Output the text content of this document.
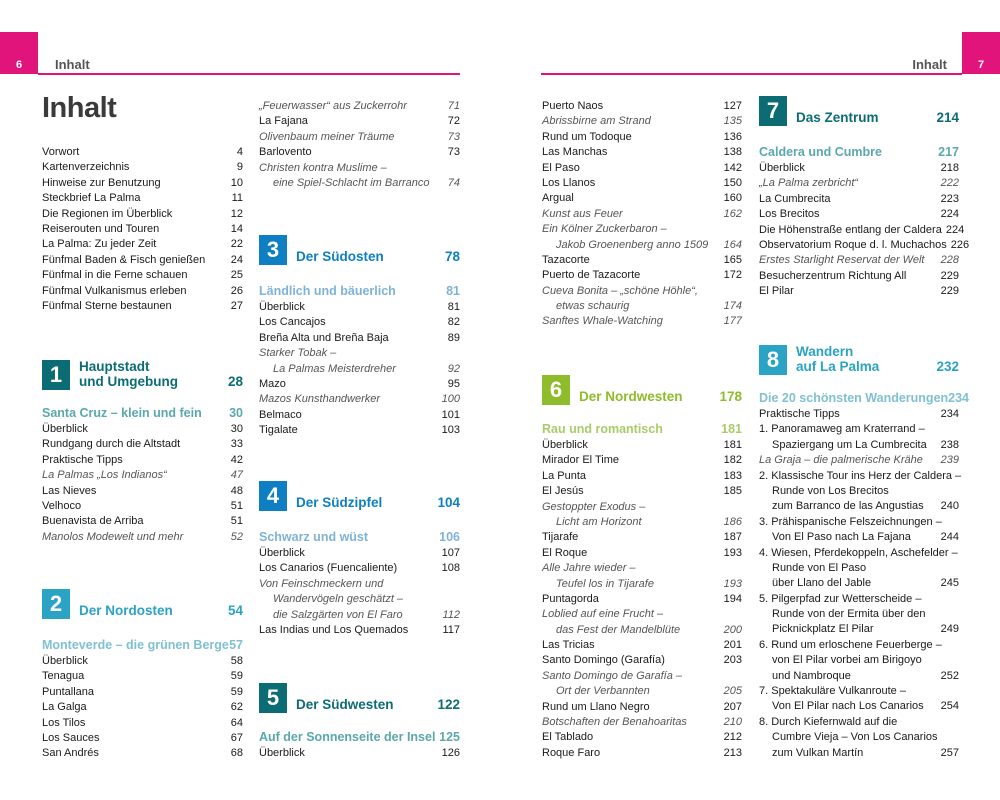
6	Inhalt	7
Inhalt
Inhalt
Vorwort	4
Kartenverzeichnis	9
Hinweise zur Benutzung	10
Steckbrief La Palma	11
Die Regionen im Überblick	12
Reiserouten und Touren	14
La Palma: Zu jeder Zeit	22
Fünfmal Baden & Fisch genießen	24
Fünfmal in die Ferne schauen	25
Fünfmal Vulkanismus erleben	26
Fünfmal Sterne bestaunen	27
1	Hauptstadt
und Umgebung	28
Santa Cruz – klein und fein 30
Überblick	30
Rundgang durch die Altstadt	33
Praktische Tipps	42
La Palmas „Los Indianos“	47
Las Nieves	48
Velhoco	51
Buenavista de Arriba	51
Manolos Modewelt und mehr	52
2	Der Nordosten	54
Monteverde – die grünen Berge 57
Überblick	58
Tenagua	59
Puntallana	59
La Galga	62
Los Tilos	64
Los Sauces	67
San Andrés	68
„Feuerwasser“ aus Zuckerrohr	71
La Fajana	72
Olivenbaum meiner Träume	73
Barlovento	73
Christen kontra Muslime –
eine Spiel-Schlacht im Barranco	74
3	Der Südosten	78
Ländlich und bäuerlich	81
Überblick	81
Los Cancajos	82
Breña Alta und Breña Baja	89
Starker Tobak –
La Palmas Meisterdreher	92
Mazo	95
Mazos Kunsthandwerker	100
Belmaco	101
Tigalate	103
4	Der Südzipfel	104
Schwarz und wüst	106
Überblick	107
Los Canarios (Fuencaliente)	108
Von Feinschmeckern und
Wandervögeln geschätzt –
die Salzgärten von El Faro	112
Las Indias und Los Quemados	117
5	Der Südwesten	122
Auf der Sonnenseite der Insel 125
Überblick	126
Puerto Naos	127
Abrissbirne am Strand	135
Rund um Todoque	136
Las Manchas	138
El Paso	142
Los Llanos	150
Argual	160
Kunst aus Feuer	162
Ein Kölner Zuckerbaron –
Jakob Groenenberg anno 1509	164
Tazacorte	165
Puerto de Tazacorte	172
Cueva Bonita – „schöne Höhle“,
etwas schaurig	174
Sanftes Whale-Watching	177
6	Der Nordwesten	178
Rau und romantisch	181
Überblick	181
Mirador El Time	182
La Punta	183
El Jesús	185
Gestoppter Exodus –
Licht am Horizont	186
Tijarafe	187
El Roque	193
Alle Jahre wieder –
Teufel los in Tijarafe	193
Puntagorda	194
Loblied auf eine Frucht –
das Fest der Mandelblüte	200
Las Tricias	201
Santo Domingo (Garafía)	203
Santo Domingo de Garafía –
Ort der Verbannten	205
Rund um Llano Negro	207
Botschaften der Benahoaritas	210
El Tablado	212
Roque Faro	213
7	Das Zentrum	214
Caldera und Cumbre	217
Überblick	218
„La Palma zerbricht“	222
La Cumbrecita	223
Los Brecitos	224
Die Höhenstraße entlang der Caldera 224
Observatorium Roque d. l. Muchachos 226
Erstes Starlight Reservat der Welt	228
Besucherzentrum Richtung All	229
El Pilar	229
8	Wandern
auf La Palma	232
Die 20 schönsten Wanderungen 234
Praktische Tipps	234
1. Panoramaweg am Kraterrand –
Spaziergang um La Cumbrecita	238
La Graja – die palmerische Krähe	239
2. Klassische Tour ins Herz der Caldera –
Runde von Los Brecitos
zum Barranco de las Angustias	240
3. Prähispanische Felszeichnungen –
Von El Paso nach La Fajana	244
4. Wiesen, Pferdekoppeln, Aschefelder –
Runde von El Paso
über Llano del Jable	245
5. Pilgerpfad zur Wetterscheide –
Runde von der Ermita über den
Picknickplatz El Pilar	249
6. Rund um erloschene Feuerberge –
von El Pilar vorbei am Birigoyo
und Nambroque	252
7. Spektakuläre Vulkanroute –
Von El Pilar nach Los Canarios	254
8. Durch Kiefernwald auf die
Cumbre Vieja – Von Los Canarios
zum Vulkan Martín	257
